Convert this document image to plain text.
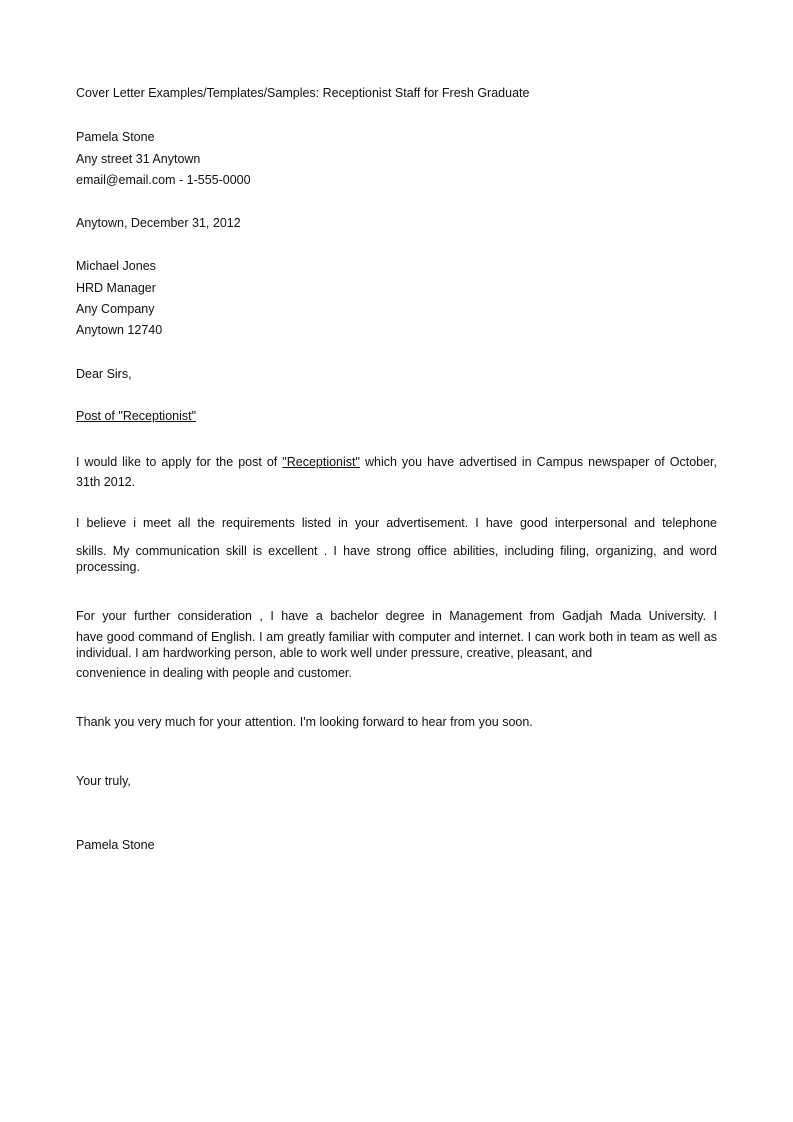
Cover Letter Examples/Templates/Samples: Receptionist Staff for Fresh Graduate

Pamela Stone

Any street 31 Anytown

email@email.com - 1-555-0000

Anytown, December 31, 2012

Michael Jones

HRD Manager

Any Company

Anytown 12740

Dear Sirs,

Post of "Receptionist"

I would like to apply for the post of "Receptionist" which you have advertised in Campus newspaper of October, 31th 2012.

I believe i meet all the requirements listed in your advertisement. I have good interpersonal and telephone

skills. My communication skill is excellent . I have strong office abilities, including filing, organizing, and word processing.

For your further consideration , I have a bachelor degree in Management from Gadjah Mada University. I

have good command of English. I am greatly familiar with computer and internet. I can work both in team as well as individual. I am hardworking person, able to work well under pressure, creative, pleasant, and

convenience in dealing with people and customer.

Thank you very much for your attention. I'm looking forward to hear from you soon.

Your truly,

Pamela Stone
